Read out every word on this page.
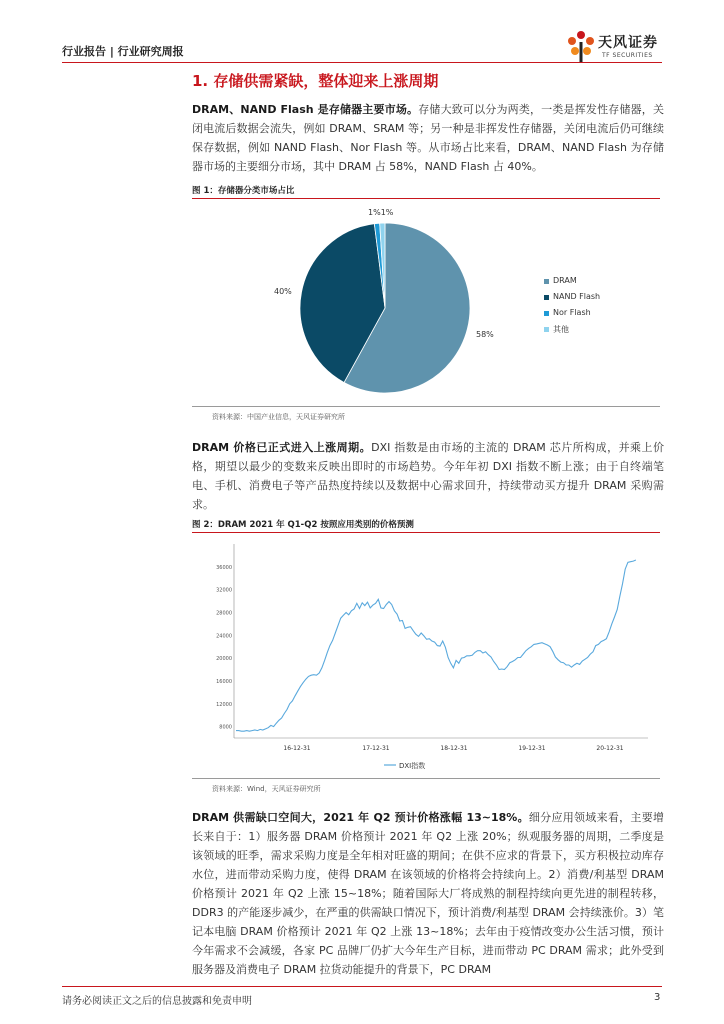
行业报告 | 行业研究周报
天风证券
TF SECURITIES
1. 存储供需紧缺，整体迎来上涨周期
DRAM、NAND Flash 是存储器主要市场。存储大致可以分为两类，一类是挥发性存储器，关闭电流后数据会流失，例如 DRAM、SRAM 等；另一种是非挥发性存储器，关闭电流后仍可继续保存数据，例如 NAND Flash、Nor Flash 等。从市场占比来看，DRAM、NAND Flash 为存储器市场的主要细分市场，其中 DRAM 占 58%，NAND Flash 占 40%。
图 1：存储器分类市场占比
1%1%
40%
58%
DRAM
NAND Flash
Nor Flash
其他
资料来源：中国产业信息，天风证券研究所
DRAM 价格已正式进入上涨周期。DXI 指数是由市场的主流的 DRAM 芯片所构成，并乘上价格，期望以最少的变数来反映出即时的市场趋势。今年年初 DXI 指数不断上涨；由于自终端笔电、手机、消费电子等产品热度持续以及数据中心需求回升，持续带动买方提升 DRAM 采购需求。
图 2：DRAM 2021 年 Q1-Q2 按照应用类别的价格预测
8000
12000
16000
20000
24000
28000
32000
36000
16-12-31	17-12-31	18-12-31	19-12-31	20-12-31
DXI指数
资料来源：Wind，天风证券研究所
DRAM 供需缺口空间大，2021 年 Q2 预计价格涨幅 13~18%。细分应用领域来看，主要增长来自于：1）服务器 DRAM 价格预计 2021 年 Q2 上涨 20%；纵观服务器的周期，二季度是该领域的旺季，需求采购力度是全年相对旺盛的期间；在供不应求的背景下，买方积极拉动库存水位，进而带动采购力度，使得 DRAM 在该领域的价格将会持续向上。2）消费/利基型 DRAM 价格预计 2021 年 Q2 上涨 15~18%；随着国际大厂将成熟的制程持续向更先进的制程转移，DDR3 的产能逐步减少，在严重的供需缺口情况下，预计消费/利基型 DRAM 会持续涨价。3）笔记本电脑 DRAM 价格预计 2021 年 Q2 上涨 13~18%；去年由于疫情改变办公生活习惯，预计今年需求不会减缓，各家 PC 品牌厂仍扩大今年生产目标，进而带动 PC DRAM 需求；此外受到服务器及消费电子 DRAM 拉货动能提升的背景下，PC DRAM
请务必阅读正文之后的信息披露和免责申明	3
